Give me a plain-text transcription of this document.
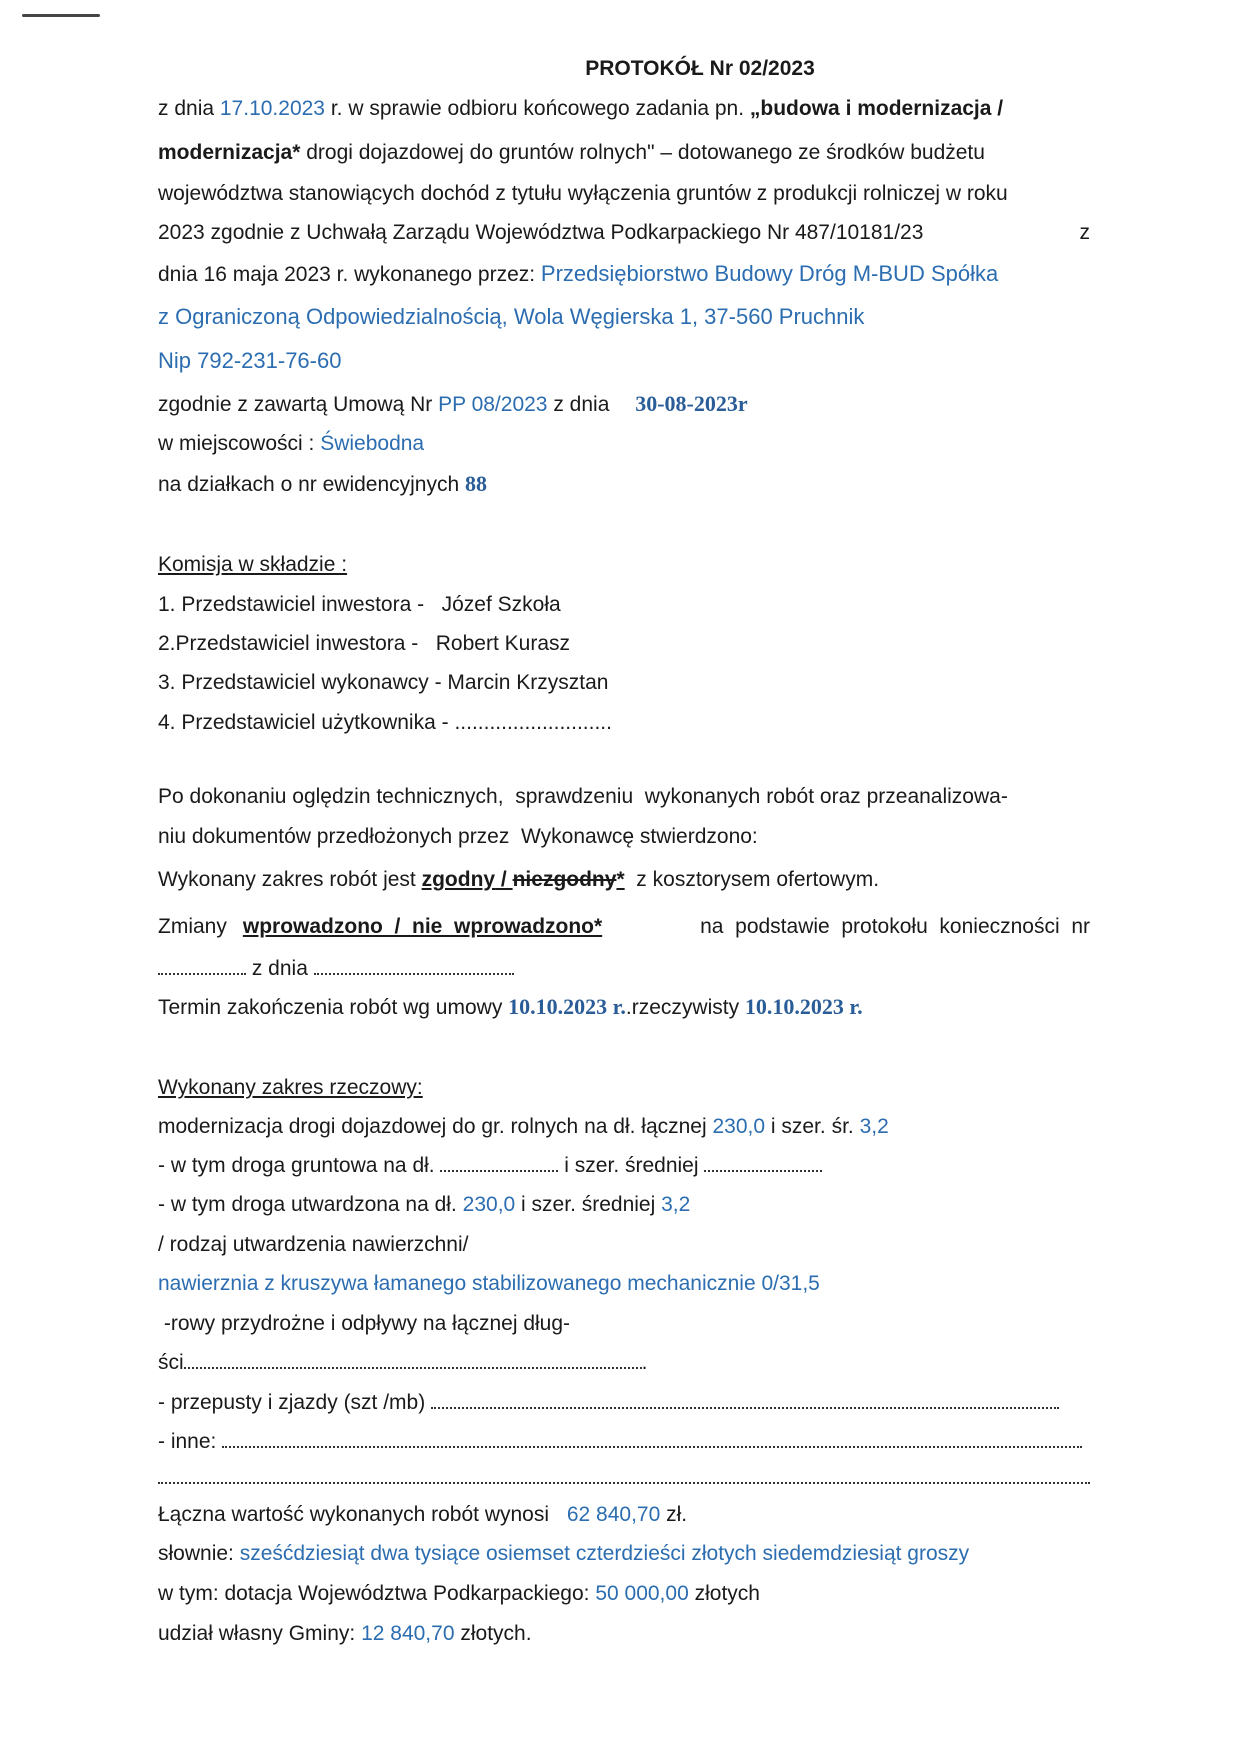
PROTOKÓŁ Nr 02/2023
z dnia 17.10.2023 r. w sprawie odbioru końcowego zadania pn. „budowa i modernizacja /
modernizacja* drogi dojazdowej do gruntów rolnych" – dotowanego ze środków budżetu
województwa stanowiących dochód z tytułu wyłączenia gruntów z produkcji rolniczej w roku
2023 zgodnie z Uchwałą Zarządu Województwa Podkarpackiego Nr 487/10181/23	z
dnia 16 maja 2023 r. wykonanego przez: Przedsiębiorstwo Budowy Dróg M-BUD Spółka
z Ograniczoną Odpowiedzialnością, Wola Węgierska 1, 37-560 Pruchnik
Nip 792-231-76-60
zgodnie z zawartą Umową Nr PP 08/2023 z dnia 30-08-2023r
w miejscowości : Świebodna
na działkach o nr ewidencyjnych 88
Komisja w składzie :
1. Przedstawiciel inwestora -   Józef Szkoła
2.Przedstawiciel inwestora -   Robert Kurasz
3. Przedstawiciel wykonawcy - Marcin Krzysztan
4. Przedstawiciel użytkownika - ...........................
Po dokonaniu oględzin technicznych,  sprawdzeniu  wykonanych robót oraz przeanalizowa-
niu dokumentów przedłożonych przez  Wykonawcę stwierdzono:
Wykonany zakres robót jest zgodny / niezgodny*  z kosztorysem ofertowym.
Zmiany wprowadzono  /  nie  wprowadzono*	na  podstawie  protokołu  konieczności  nr
z dnia
Termin zakończenia robót wg umowy 10.10.2023 r..rzeczywisty 10.10.2023 r.
Wykonany zakres rzeczowy:
modernizacja drogi dojazdowej do gr. rolnych na dł. łącznej 230,0 i szer. śr. 3,2
- w tym droga gruntowa na dł.	i szer. średniej
- w tym droga utwardzona na dł. 230,0 i szer. średniej 3,2
/ rodzaj utwardzenia nawierzchni/
nawierznia z kruszywa łamanego stabilizowanego mechanicznie 0/31,5
-rowy przydrożne i odpływy na łącznej dług-
ści	.
- przepusty i zjazdy (szt /mb)
- inne:
Łączna wartość wykonanych robót wynosi 62 840,70 zł.
słownie: sześćdziesiąt dwa tysiące osiemset czterdzieści złotych siedemdziesiąt groszy
w tym: dotacja Województwa Podkarpackiego: 50 000,00 złotych
udział własny Gminy: 12 840,70 złotych.
